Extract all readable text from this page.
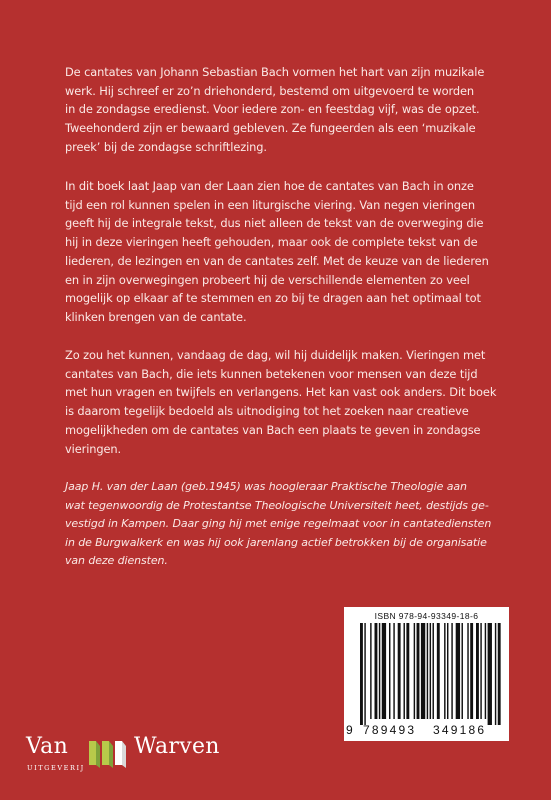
De cantates van Johann Sebastian Bach vormen het hart van zijn muzikale

werk. Hij schreef er zo’n driehonderd, bestemd om uitgevoerd te worden

in de zondagse eredienst. Voor iedere zon- en feestdag vijf, was de opzet.

Tweehonderd zijn er bewaard gebleven. Ze fungeerden als een ‘muzikale

preek’ bij de zondagse schriftlezing.

In dit boek laat Jaap van der Laan zien hoe de cantates van Bach in onze

tijd een rol kunnen spelen in een liturgische viering. Van negen vieringen

geeft hij de integrale tekst, dus niet alleen de tekst van de overweging die

hij in deze vieringen heeft gehouden, maar ook de complete tekst van de

liederen, de lezingen en van de cantates zelf. Met de keuze van de liederen

en in zijn overwegingen probeert hij de verschillende elementen zo veel

mogelijk op elkaar af te stemmen en zo bij te dragen aan het optimaal tot

klinken brengen van de cantate.

Zo zou het kunnen, vandaag de dag, wil hij duidelijk maken. Vieringen met

cantates van Bach, die iets kunnen betekenen voor mensen van deze tijd

met hun vragen en twijfels en verlangens. Het kan vast ook anders. Dit boek

is daarom tegelijk bedoeld als uitnodiging tot het zoeken naar creatieve

mogelijkheden om de cantates van Bach een plaats te geven in zondagse

vieringen.

Jaap H. van der Laan (geb.1945) was hoogleraar Praktische Theologie aan

wat tegenwoordig de Protestantse Theologische Universiteit heet, destijds ge-

vestigd in Kampen. Daar ging hij met enige regelmaat voor in cantatediensten

in de Burgwalkerk en was hij ook jarenlang actief betrokken bij de organisatie

van deze diensten.

Van	Warven
UITGEVERIJ
ISBN 978-94-93349-18-6
9 789493 349186
